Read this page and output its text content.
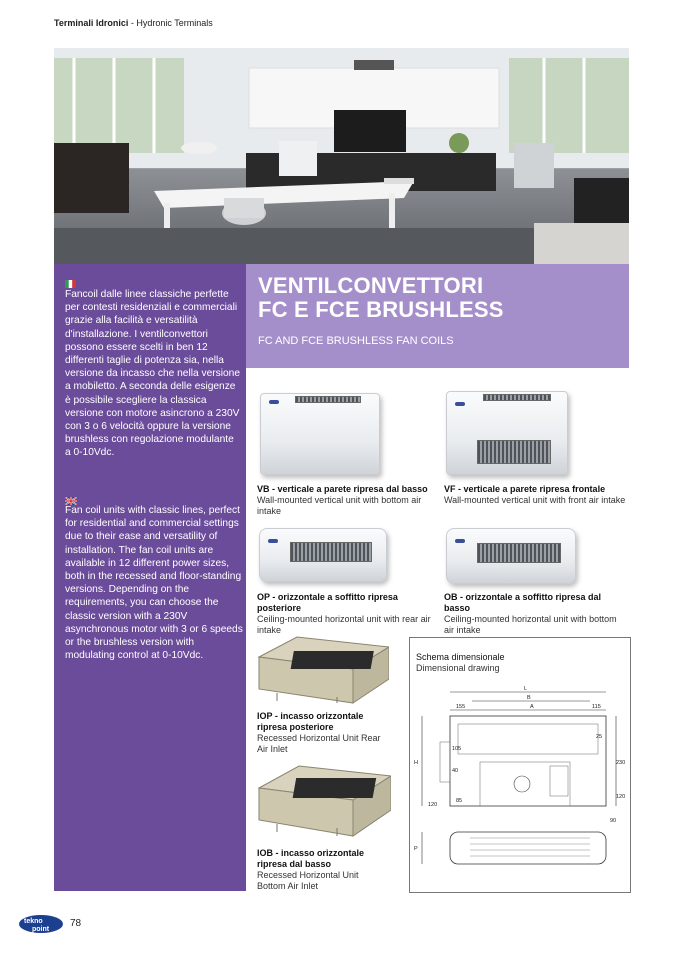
Terminali Idronici - Hydronic Terminals

Fancoil dalle linee classiche perfette per contesti residenziali e commerciali grazie alla facilità e versatilità d'installazione. I ventilconvettori possono essere scelti in ben 12 differenti taglie di potenza sia, nella versione da incasso che nella versione a mobiletto. A seconda delle esigenze è possibile scegliere la classica versione con motore asincrono a 230V con 3 o 6 velocità oppure la versione brushless con regolazione modulante a 0-10Vdc.

Fan coil units with classic lines, perfect for residential and commercial settings due to their ease and versatility of installation. The fan coil units are available in 12 different power sizes, both in the recessed and floor-standing versions. Depending on the requirements, you can choose the classic version with a 230V asynchronous motor with 3 or 6 speeds or the brushless version with modulating control at 0-10Vdc.

VENTILCONVETTORI
FC E FCE BRUSHLESS
FC AND FCE BRUSHLESS FAN COILS
VB - verticale a parete ripresa dal basso
Wall-mounted vertical unit with bottom air intake
VF - verticale a parete ripresa frontale
Wall-mounted vertical unit with front air intake
OP - orizzontale a soffitto ripresa posteriore
Ceiling-mounted horizontal unit with rear air intake
OB - orizzontale a soffitto ripresa dal basso
Ceiling-mounted horizontal unit with bottom air intake
IOP - incasso orizzontale ripresa posteriore
Recessed Horizontal Unit Rear Air Inlet
IOB - incasso orizzontale ripresa dal basso
Recessed Horizontal Unit Bottom Air Inlet
Schema dimensionale
Dimensional drawing
L
B
155	A	115
H
105
40
85
120
25
230
120
90
P
tekno
point
78
